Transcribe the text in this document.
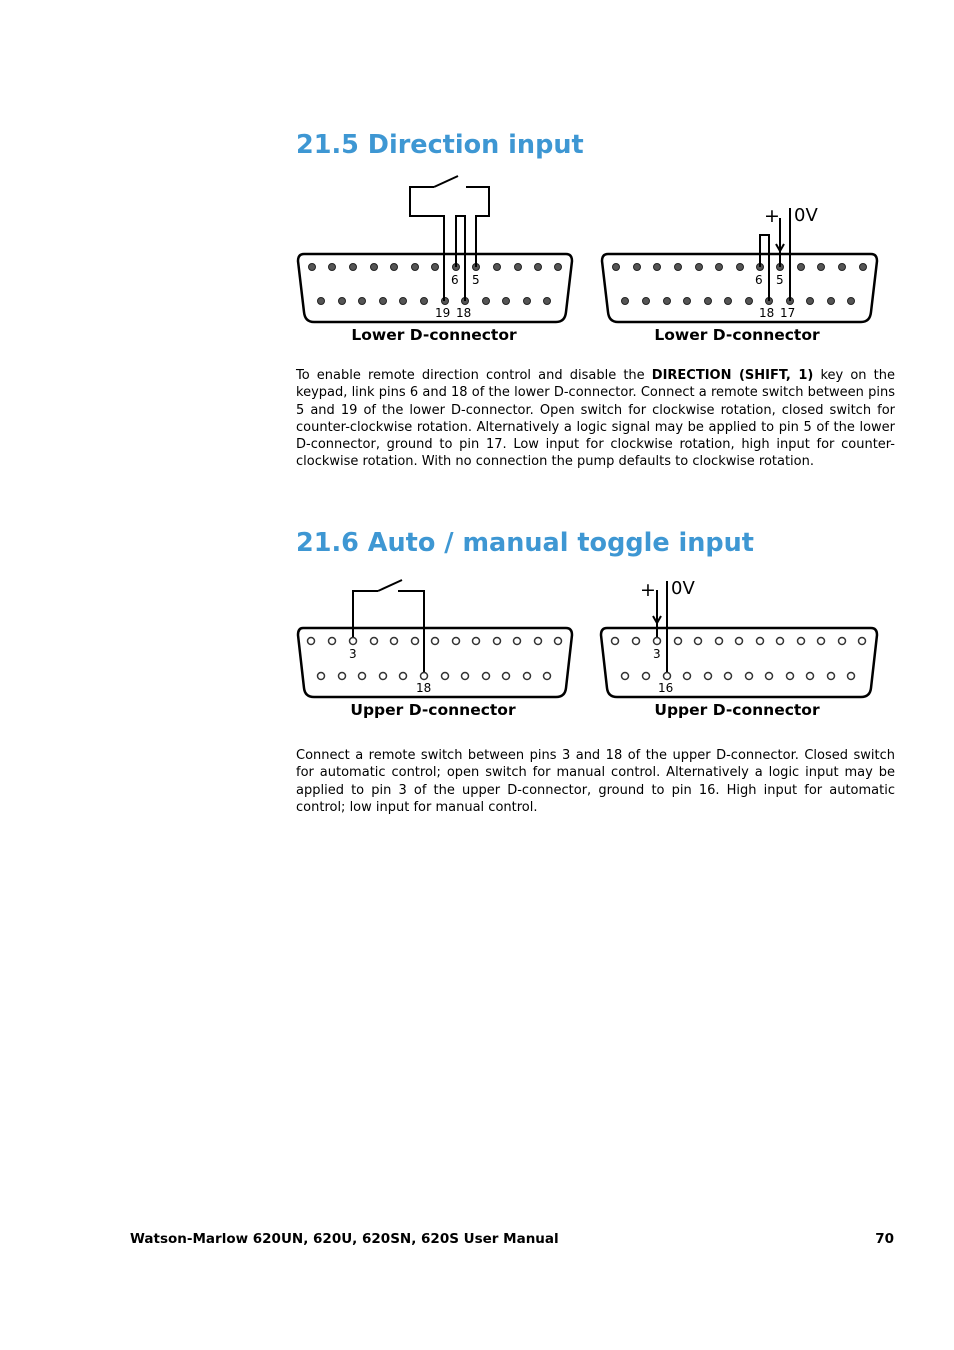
21.5 Direction input
6 5
19 18
Lower D-connector
+ 0V
6 5
18 17
Lower D-connector

To enable remote direction control and disable the DIRECTION (SHIFT, 1) key on the keypad, link pins 6 and 18 of the lower D-connector. Connect a remote switch between pins 5 and 19 of the lower D-connector. Open switch for clockwise rotation, closed switch for counter-clockwise rotation. Alternatively a logic signal may be applied to pin 5 of the lower D-connector, ground to pin 17. Low input for clockwise rotation, high input for counter-clockwise rotation. With no connection the pump defaults to clockwise rotation.

21.6 Auto / manual toggle input
3
18
Upper D-connector
+ 0V
3
16
Upper D-connector

Connect a remote switch between pins 3 and 18 of the upper D-connector. Closed switch for automatic control; open switch for manual control. Alternatively a logic input may be applied to pin 3 of the upper D-connector, ground to pin 16. High input for automatic control; low input for manual control.

Watson-Marlow 620UN, 620U, 620SN, 620S User Manual	70
